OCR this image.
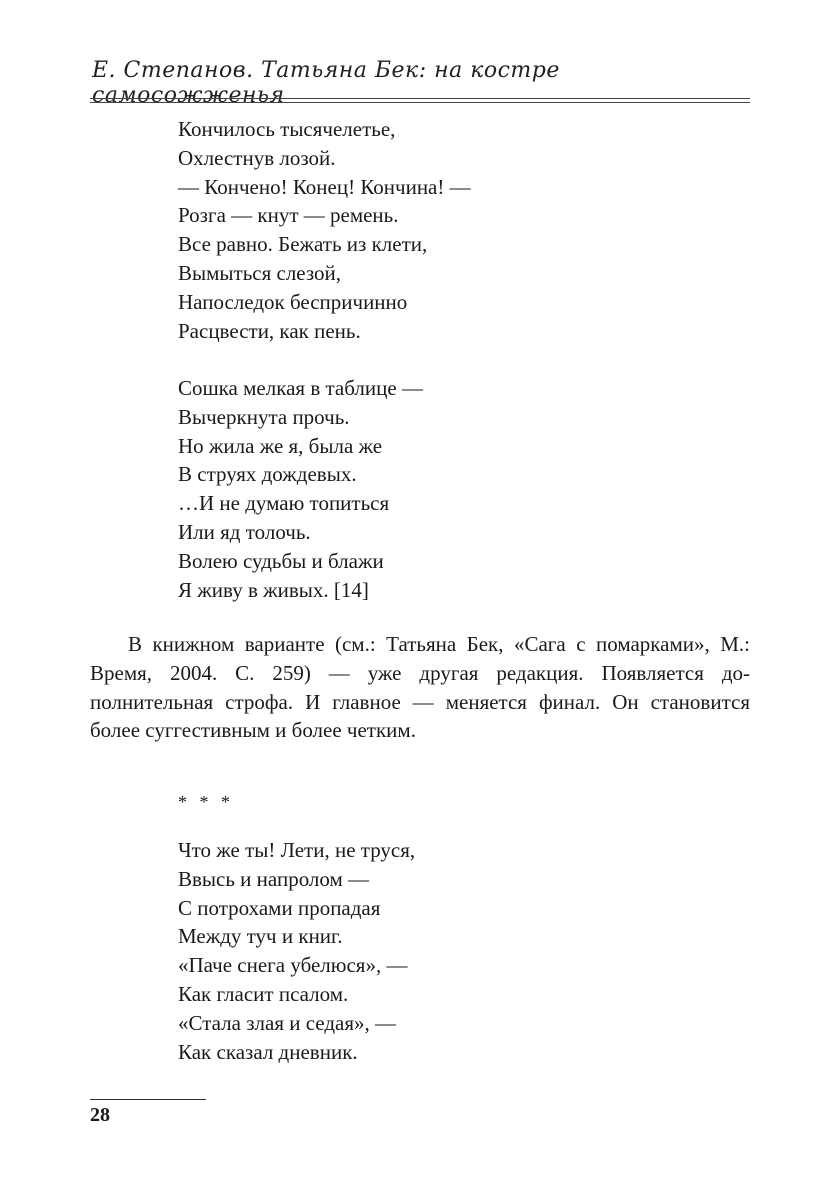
Е. Степанов. Татьяна Бек: на костре самосожженья
Кончилось тысячелетье,
Охлестнув лозой.
— Кончено! Конец! Кончина! —
Розга — кнут — ремень.
Все равно. Бежать из клети,
Вымыться слезой,
Напоследок беспричинно
Расцвести, как пень.
Сошка мелкая в таблице —
Вычеркнута прочь.
Но жила же я, была же
В струях дождевых.
…И не думаю топиться
Или яд толочь.
Волею судьбы и блажи
Я живу в живых. [14]

В книжном варианте (см.: Татьяна Бек, «Сага с помарками», М.: Время, 2004. С. 259) — уже другая редакция. Появляется дополнительная строфа. И главное — меняется финал. Он становится более суггестивным и более четким.

* * *
Что же ты! Лети, не труся,
Ввысь и напролом —
С потрохами пропадая
Между туч и книг.
«Паче снега убелюся», —
Как гласит псалом.
«Стала злая и седая», —
Как сказал дневник.
28
